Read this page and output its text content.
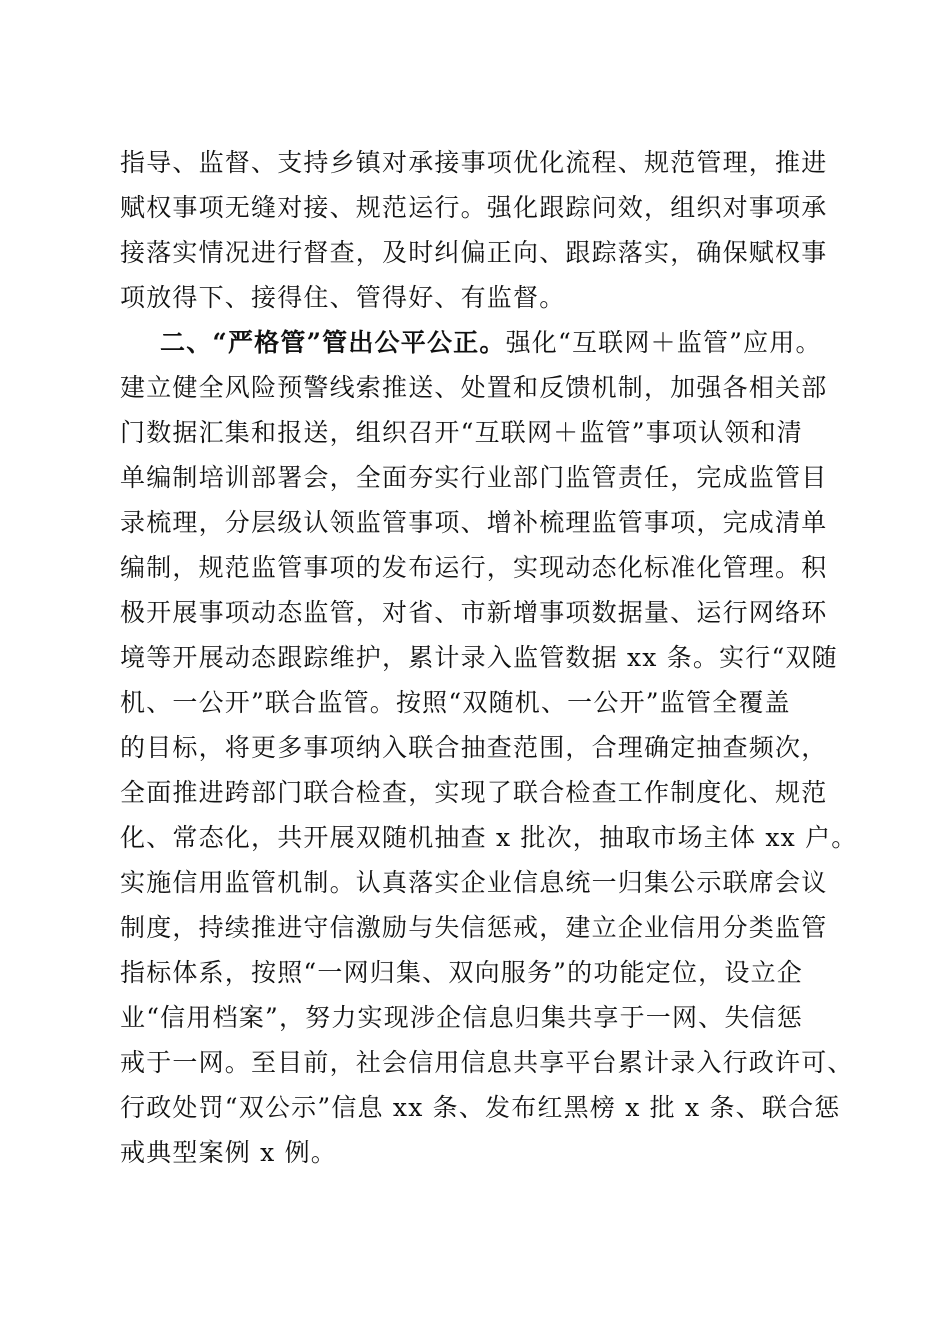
指导、监督、支持乡镇对承接事项优化流程、规范管理，推进
赋权事项无缝对接、规范运行。强化跟踪问效，组织对事项承
接落实情况进行督查，及时纠偏正向、跟踪落实，确保赋权事
项放得下、接得住、管得好、有监督。
二、“严格管”管出公平公正。强化“互联网＋监管”应用。
建立健全风险预警线索推送、处置和反馈机制，加强各相关部
门数据汇集和报送，组织召开“互联网＋监管”事项认领和清
单编制培训部署会，全面夯实行业部门监管责任，完成监管目
录梳理，分层级认领监管事项、增补梳理监管事项，完成清单
编制，规范监管事项的发布运行，实现动态化标准化管理。积
极开展事项动态监管，对省、市新增事项数据量、运行网络环
境等开展动态跟踪维护，累计录入监管数据 xx 条。实行“双随
机、一公开”联合监管。按照“双随机、一公开”监管全覆盖
的目标，将更多事项纳入联合抽查范围，合理确定抽查频次，
全面推进跨部门联合检查，实现了联合检查工作制度化、规范
化、常态化，共开展双随机抽查 x 批次，抽取市场主体 xx 户。
实施信用监管机制。认真落实企业信息统一归集公示联席会议
制度，持续推进守信激励与失信惩戒，建立企业信用分类监管
指标体系，按照“一网归集、双向服务”的功能定位，设立企
业“信用档案”，努力实现涉企信息归集共享于一网、失信惩
戒于一网。至目前，社会信用信息共享平台累计录入行政许可、
行政处罚“双公示”信息 xx 条、发布红黑榜 x 批 x 条、联合惩
戒典型案例 x 例。
